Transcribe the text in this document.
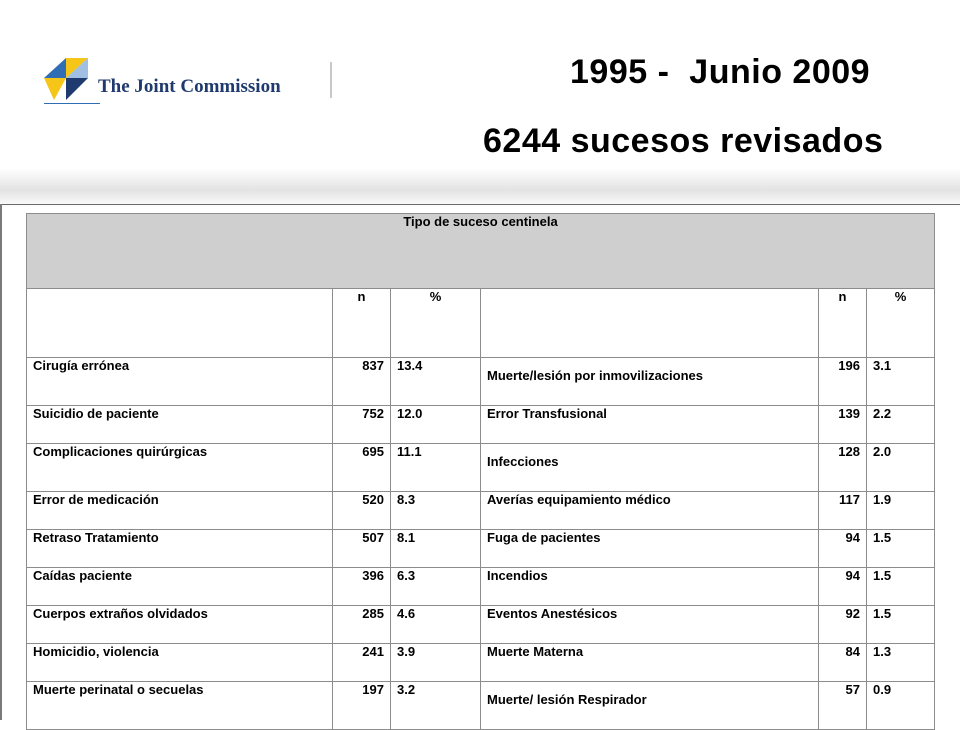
The Joint Commission	1995 -  Junio 2009
6244 sucesos revisados
Tipo de suceso centinela					
	n	%		n	%
Cirugía errónea	837	13.4	Muerte/lesión por inmovilizaciones	196	3.1
Suicidio de paciente	752	12.0	Error Transfusional	139	2.2
Complicaciones quirúrgicas	695	11.1	Infecciones	128	2.0
Error de medicación	520	8.3	Averías equipamiento médico	117	1.9
Retraso Tratamiento	507	8.1	Fuga de pacientes	94	1.5
Caídas paciente	396	6.3	Incendios	94	1.5
Cuerpos extraños olvidados	285	4.6	Eventos Anestésicos	92	1.5
Homicidio, violencia	241	3.9	Muerte Materna	84	1.3
Muerte perinatal o secuelas	197	3.2	Muerte/ lesión Respirador	57	0.9
